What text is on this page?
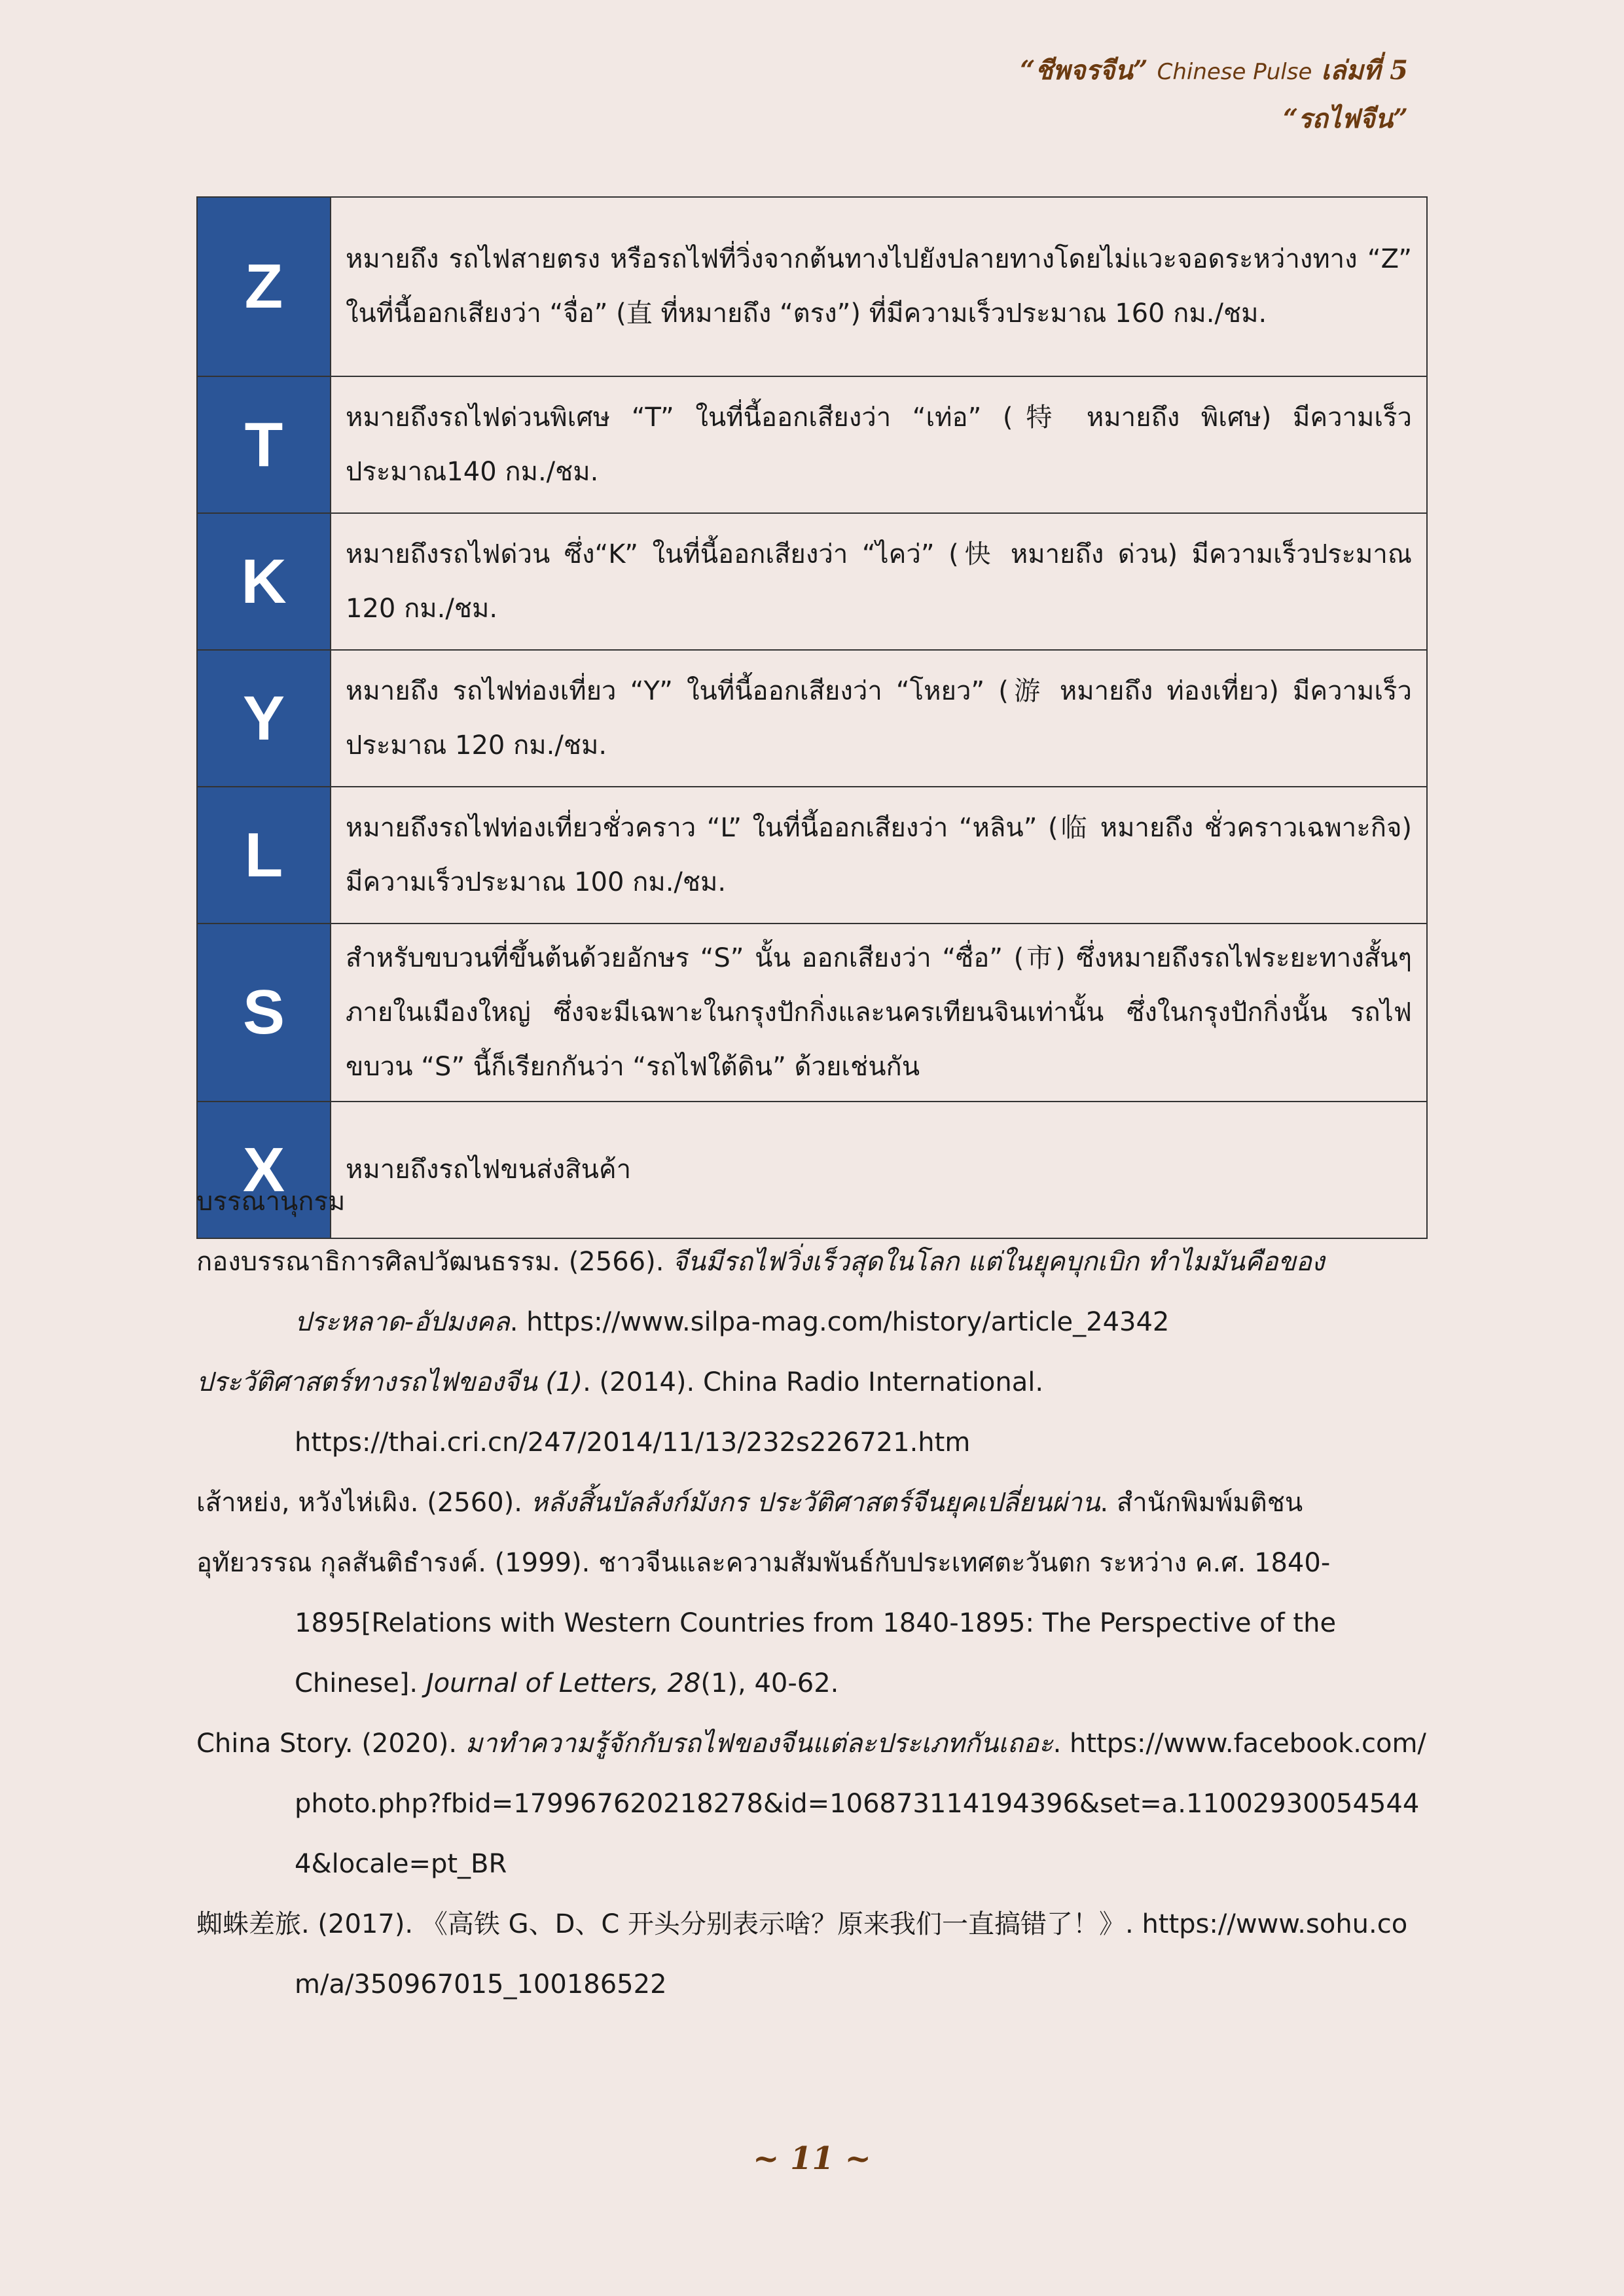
“ชีพจรจีน” Chinese Pulse เล่มที่ 5
“รถไฟจีน”
Z	หมายถึง รถไฟสายตรง หรือรถไฟที่วิ่งจากต้นทางไปยังปลายทางโดยไม่แวะจอดระหว่างทาง “Z” ในที่นี้ออกเสียงว่า “จื่อ” (直 ที่หมายถึง “ตรง”) ที่มีความเร็วประมาณ 160 กม./ชม.
T	หมายถึงรถไฟด่วนพิเศษ “T” ในที่นี้ออกเสียงว่า “เท่อ” (特 หมายถึง พิเศษ) มีความเร็วประมาณ140 กม./ชม.
K	หมายถึงรถไฟด่วน ซึ่ง“K” ในที่นี้ออกเสียงว่า “ไคว่” (快 หมายถึง ด่วน) มีความเร็วประมาณ 120 กม./ชม.
Y	หมายถึง รถไฟท่องเที่ยว “Y” ในที่นี้ออกเสียงว่า “โหยว” (游 หมายถึง ท่องเที่ยว) มีความเร็วประมาณ 120 กม./ชม.
L	หมายถึงรถไฟท่องเที่ยวชั่วคราว “L” ในที่นี้ออกเสียงว่า “หลิน” (临 หมายถึง ชั่วคราวเฉพาะกิจ) มีความเร็วประมาณ 100 กม./ชม.
S	สำหรับขบวนที่ขึ้นต้นด้วยอักษร “S” นั้น ออกเสียงว่า “ซื่อ” (市) ซึ่งหมายถึงรถไฟระยะทางสั้นๆ ภายในเมืองใหญ่ ซึ่งจะมีเฉพาะในกรุงปักกิ่งและนครเทียนจินเท่านั้น ซึ่งในกรุงปักกิ่งนั้น รถไฟขบวน “S” นี้ก็เรียกกันว่า “รถไฟใต้ดิน” ด้วยเช่นกัน
X	หมายถึงรถไฟขนส่งสินค้า

บรรณานุกรม

กองบรรณาธิการศิลปวัฒนธรรม. (2566). จีนมีรถไฟวิ่งเร็วสุดในโลก แต่ในยุคบุกเบิก ทำไมมันคือของประหลาด-อัปมงคล. https://www.silpa-mag.com/history/article_24342

ประวัติศาสตร์ทางรถไฟของจีน (1). (2014). China Radio International. https://thai.cri.cn/247/2014/11/13/232s226721.htm

เส้าหย่ง, หวังไห่เผิง. (2560). หลังสิ้นบัลลังก์มังกร ประวัติศาสตร์จีนยุคเปลี่ยนผ่าน. สำนักพิมพ์มติชน

อุทัยวรรณ กุลสันติธำรงค์. (1999). ชาวจีนและความสัมพันธ์กับประเทศตะวันตก ระหว่าง ค.ศ. 1840-1895[Relations with Western Countries from 1840-1895: The Perspective of the Chinese]. Journal of Letters, 28(1), 40-62.

China Story. (2020). มาทำความรู้จักกับรถไฟของจีนแต่ละประเภทกันเถอะ. https://www.facebook.com/photo.php?fbid=179967620218278&id=106873114194396&set=a.110029300545444&locale=pt_BR

蜘蛛差旅. (2017). 《高铁 G、D、C 开头分别表示啥？原来我们一直搞错了！》. https://www.sohu.com/a/350967015_100186522

~ 11 ~
